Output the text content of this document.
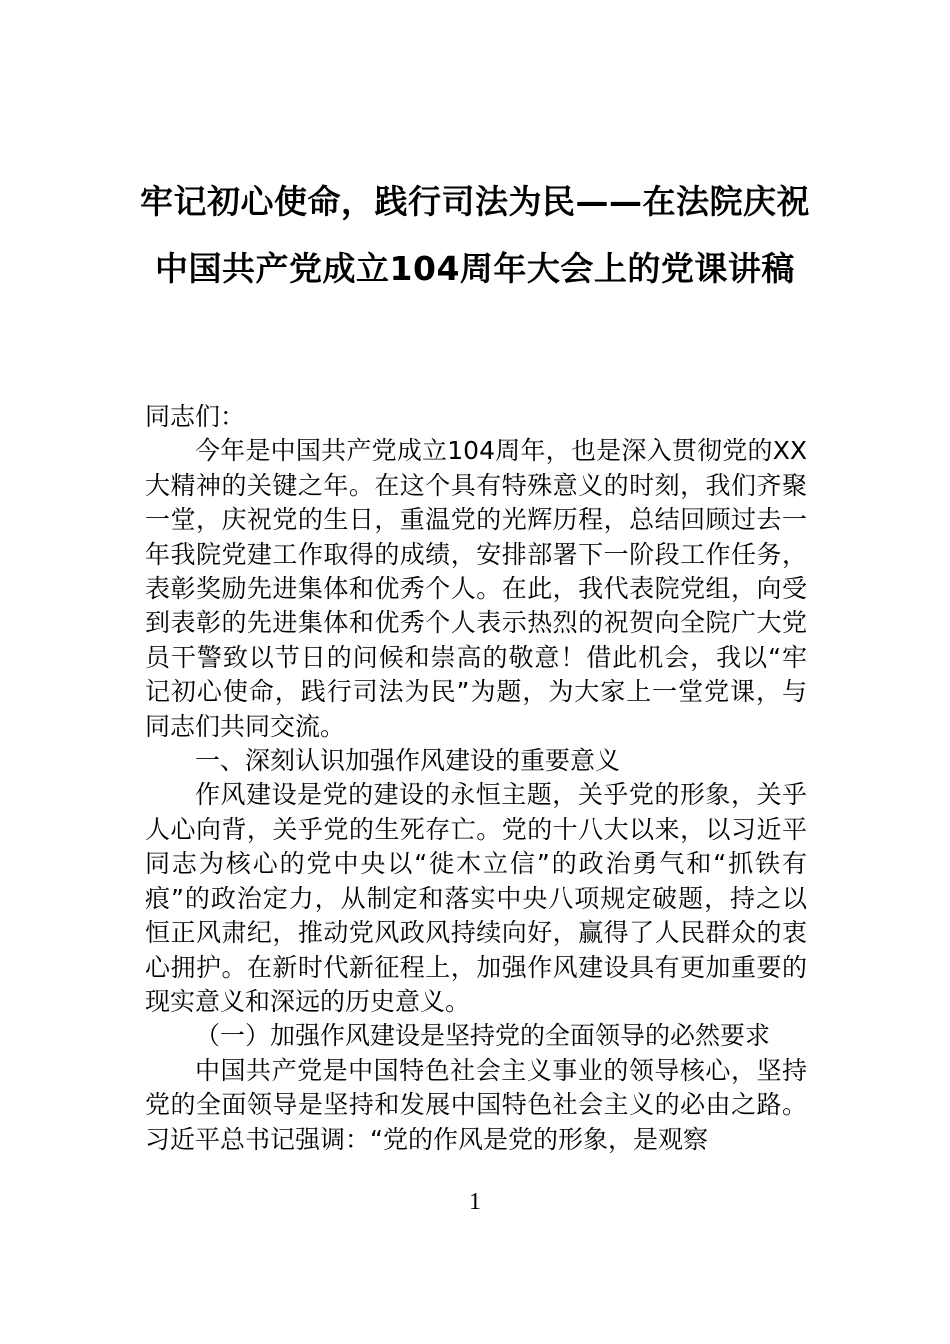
牢记初心使命，践行司法为民——在法院庆祝中国共产党成立104周年大会上的党课讲稿

同志们：

今年是中国共产党成立104周年，也是深入贯彻党的XX大精神的关键之年。在这个具有特殊意义的时刻，我们齐聚一堂，庆祝党的生日，重温党的光辉历程，总结回顾过去一年我院党建工作取得的成绩，安排部署下一阶段工作任务，表彰奖励先进集体和优秀个人。在此，我代表院党组，向受到表彰的先进集体和优秀个人表示热烈的祝贺向全院广大党员干警致以节日的问候和崇高的敬意！借此机会，我以“牢记初心使命，践行司法为民”为题，为大家上一堂党课，与同志们共同交流。

一、深刻认识加强作风建设的重要意义

作风建设是党的建设的永恒主题，关乎党的形象，关乎人心向背，关乎党的生死存亡。党的十八大以来，以习近平同志为核心的党中央以“徙木立信”的政治勇气和“抓铁有痕”的政治定力，从制定和落实中央八项规定破题，持之以恒正风肃纪，推动党风政风持续向好，赢得了人民群众的衷心拥护。在新时代新征程上，加强作风建设具有更加重要的现实意义和深远的历史意义。

（一）加强作风建设是坚持党的全面领导的必然要求

中国共产党是中国特色社会主义事业的领导核心，坚持党的全面领导是坚持和发展中国特色社会主义的必由之路。习近平总书记强调：“党的作风是党的形象，是观察

1
